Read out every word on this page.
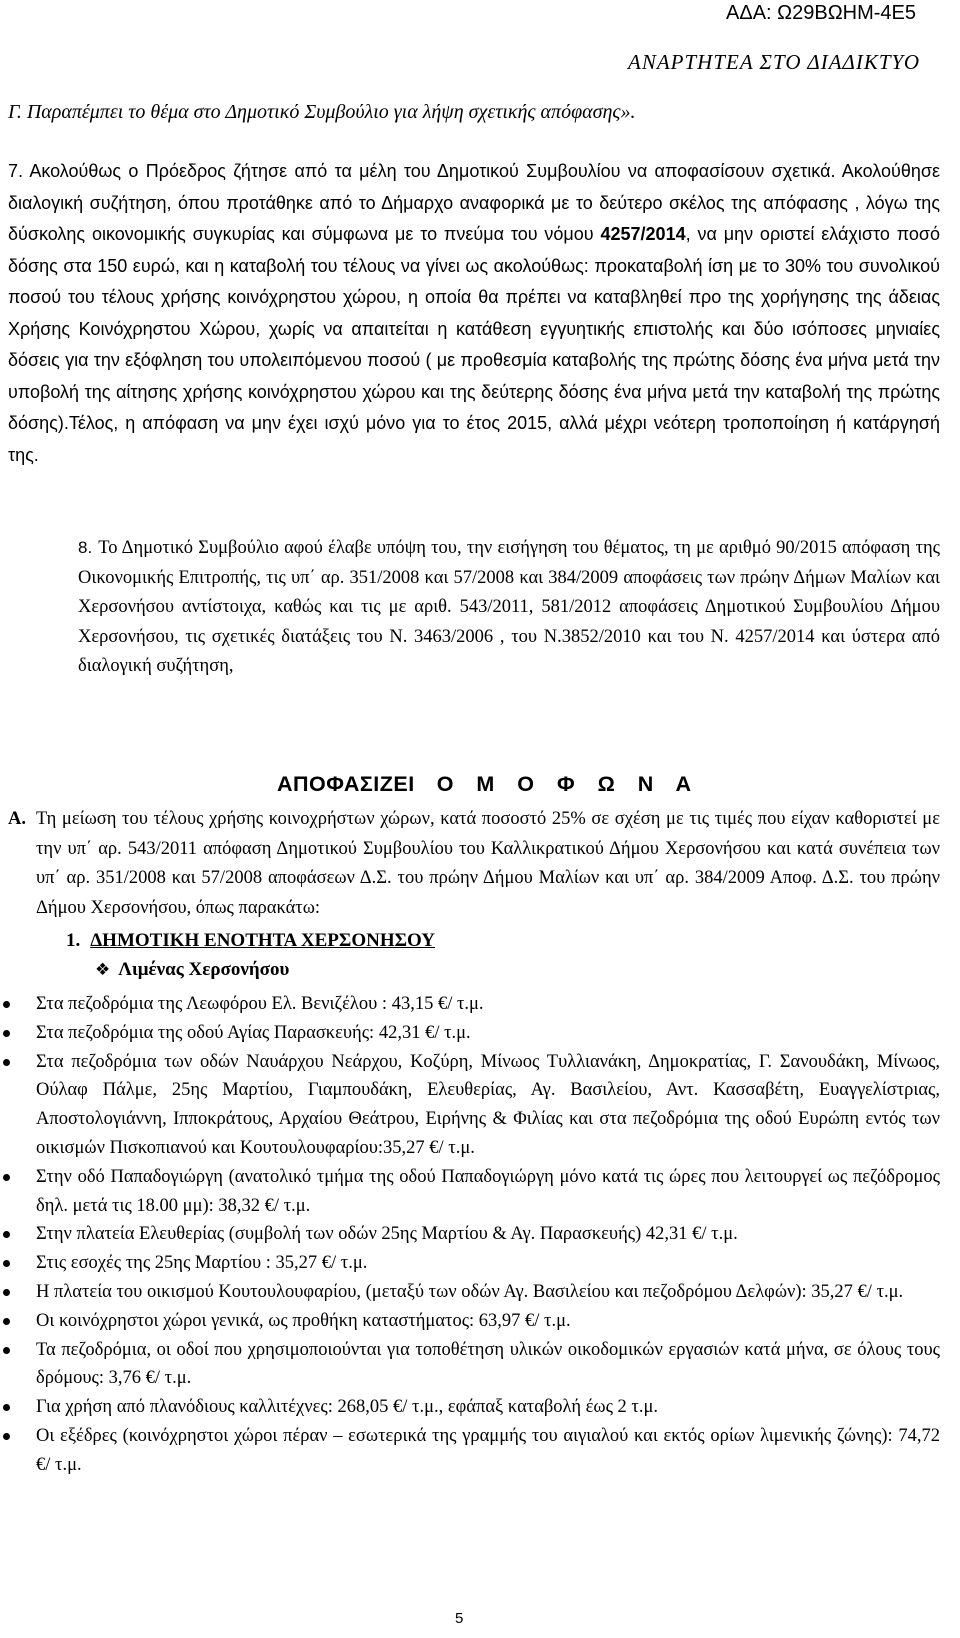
ΑΔΑ: Ω29ΒΩΗΜ-4Ε5
ΑΝΑΡΤΗΤΕΑ ΣΤΟ ΔΙΑΔΙΚΤΥΟ
Γ. Παραπέμπει το θέμα στο Δημοτικό Συμβούλιο για λήψη σχετικής απόφασης».

7. Ακολούθως ο Πρόεδρος ζήτησε από τα μέλη του Δημοτικού Συμβουλίου να αποφασίσουν σχετικά. Ακολούθησε διαλογική συζήτηση, όπου προτάθηκε από το Δήμαρχο αναφορικά με το δεύτερο σκέλος της απόφασης , λόγω της δύσκολης οικονομικής συγκυρίας και σύμφωνα με το πνεύμα του νόμου 4257/2014, να μην οριστεί ελάχιστο ποσό δόσης στα 150 ευρώ, και η καταβολή του τέλους να γίνει ως ακολούθως: προκαταβολή ίση με το 30% του συνολικού ποσού του τέλους χρήσης κοινόχρηστου χώρου, η οποία θα πρέπει να καταβληθεί προ της χορήγησης της άδειας Χρήσης Κοινόχρηστου Χώρου, χωρίς να απαιτείται η κατάθεση εγγυητικής επιστολής και δύο ισόποσες μηνιαίες δόσεις για την εξόφληση του υπολειπόμενου ποσού ( με προθεσμία καταβολής της πρώτης δόσης ένα μήνα μετά την υποβολή της αίτησης χρήσης κοινόχρηστου χώρου και της δεύτερης δόσης ένα μήνα μετά την καταβολή της πρώτης δόσης).Τέλος, η απόφαση να μην έχει ισχύ μόνο για το έτος 2015, αλλά μέχρι νεότερη τροποποίηση ή κατάργησή της.

8. Το Δημοτικό Συμβούλιο αφού έλαβε υπόψη του, την εισήγηση του θέματος, τη με αριθμό 90/2015 απόφαση της Οικονομικής Επιτροπής, τις υπ΄ αρ. 351/2008 και 57/2008 και 384/2009 αποφάσεις των πρώην Δήμων Μαλίων και Χερσονήσου αντίστοιχα, καθώς και τις με αριθ. 543/2011, 581/2012 αποφάσεις Δημοτικού Συμβουλίου Δήμου Χερσονήσου, τις σχετικές διατάξεις του Ν. 3463/2006 , του Ν.3852/2010 και του Ν. 4257/2014 και ύστερα από διαλογική συζήτηση,

ΑΠΟΦΑΣΙΖΕΙ Ο Μ Ο Φ Ω Ν Α
Α. Τη μείωση του τέλους χρήσης κοινοχρήστων χώρων, κατά ποσοστό 25% σε σχέση με τις τιμές που είχαν καθοριστεί με την υπ΄ αρ. 543/2011 απόφαση Δημοτικού Συμβουλίου του Καλλικρατικού Δήμου Χερσονήσου και κατά συνέπεια των υπ΄ αρ. 351/2008 και 57/2008 αποφάσεων Δ.Σ. του πρώην Δήμου Μαλίων και υπ΄ αρ. 384/2009 Αποφ. Δ.Σ. του πρώην Δήμου Χερσονήσου, όπως παρακάτω:
1. ΔΗΜΟΤΙΚΗ ΕΝΟΤΗΤΑ ΧΕΡΣΟΝΗΣΟΥ
❖ Λιμένας Χερσονήσου
Στα πεζοδρόμια της Λεωφόρου Ελ. Βενιζέλου : 43,15 €/ τ.μ.
Στα πεζοδρόμια της οδού Αγίας Παρασκευής: 42,31 €/ τ.μ.
Στα πεζοδρόμια των οδών Ναυάρχου Νεάρχου, Κοζύρη, Μίνωος Τυλλιανάκη, Δημοκρατίας, Γ. Σανουδάκη, Μίνωος, Ούλαφ Πάλμε, 25ης Μαρτίου, Γιαμπουδάκη, Ελευθερίας, Αγ. Βασιλείου, Αντ. Κασσαβέτη, Ευαγγελίστριας, Αποστολογιάννη, Ιπποκράτους, Αρχαίου Θεάτρου, Ειρήνης & Φιλίας και στα πεζοδρόμια της οδού Ευρώπη εντός των οικισμών Πισκοπιανού και Κουτουλουφαρίου:35,27 €/ τ.μ.
Στην οδό Παπαδογιώργη (ανατολικό τμήμα της οδού Παπαδογιώργη μόνο κατά τις ώρες που λειτουργεί ως πεζόδρομος δηλ. μετά τις 18.00 μμ): 38,32 €/ τ.μ.
Στην πλατεία Ελευθερίας (συμβολή των οδών 25ης Μαρτίου & Αγ. Παρασκευής) 42,31 €/ τ.μ.
Στις εσοχές της 25ης Μαρτίου : 35,27 €/ τ.μ.
Η πλατεία του οικισμού Κουτουλουφαρίου, (μεταξύ των οδών Αγ. Βασιλείου και πεζοδρόμου Δελφών): 35,27 €/ τ.μ.
Οι κοινόχρηστοι χώροι γενικά, ως προθήκη καταστήματος: 63,97 €/ τ.μ.
Τα πεζοδρόμια, οι οδοί που χρησιμοποιούνται για τοποθέτηση υλικών οικοδομικών εργασιών κατά μήνα, σε όλους τους δρόμους: 3,76 €/ τ.μ.
Για χρήση από πλανόδιους καλλιτέχνες: 268,05 €/ τ.μ., εφάπαξ καταβολή έως 2 τ.μ.
Οι εξέδρες (κοινόχρηστοι χώροι πέραν – εσωτερικά της γραμμής του αιγιαλού και εκτός ορίων λιμενικής ζώνης): 74,72 €/ τ.μ.
5
